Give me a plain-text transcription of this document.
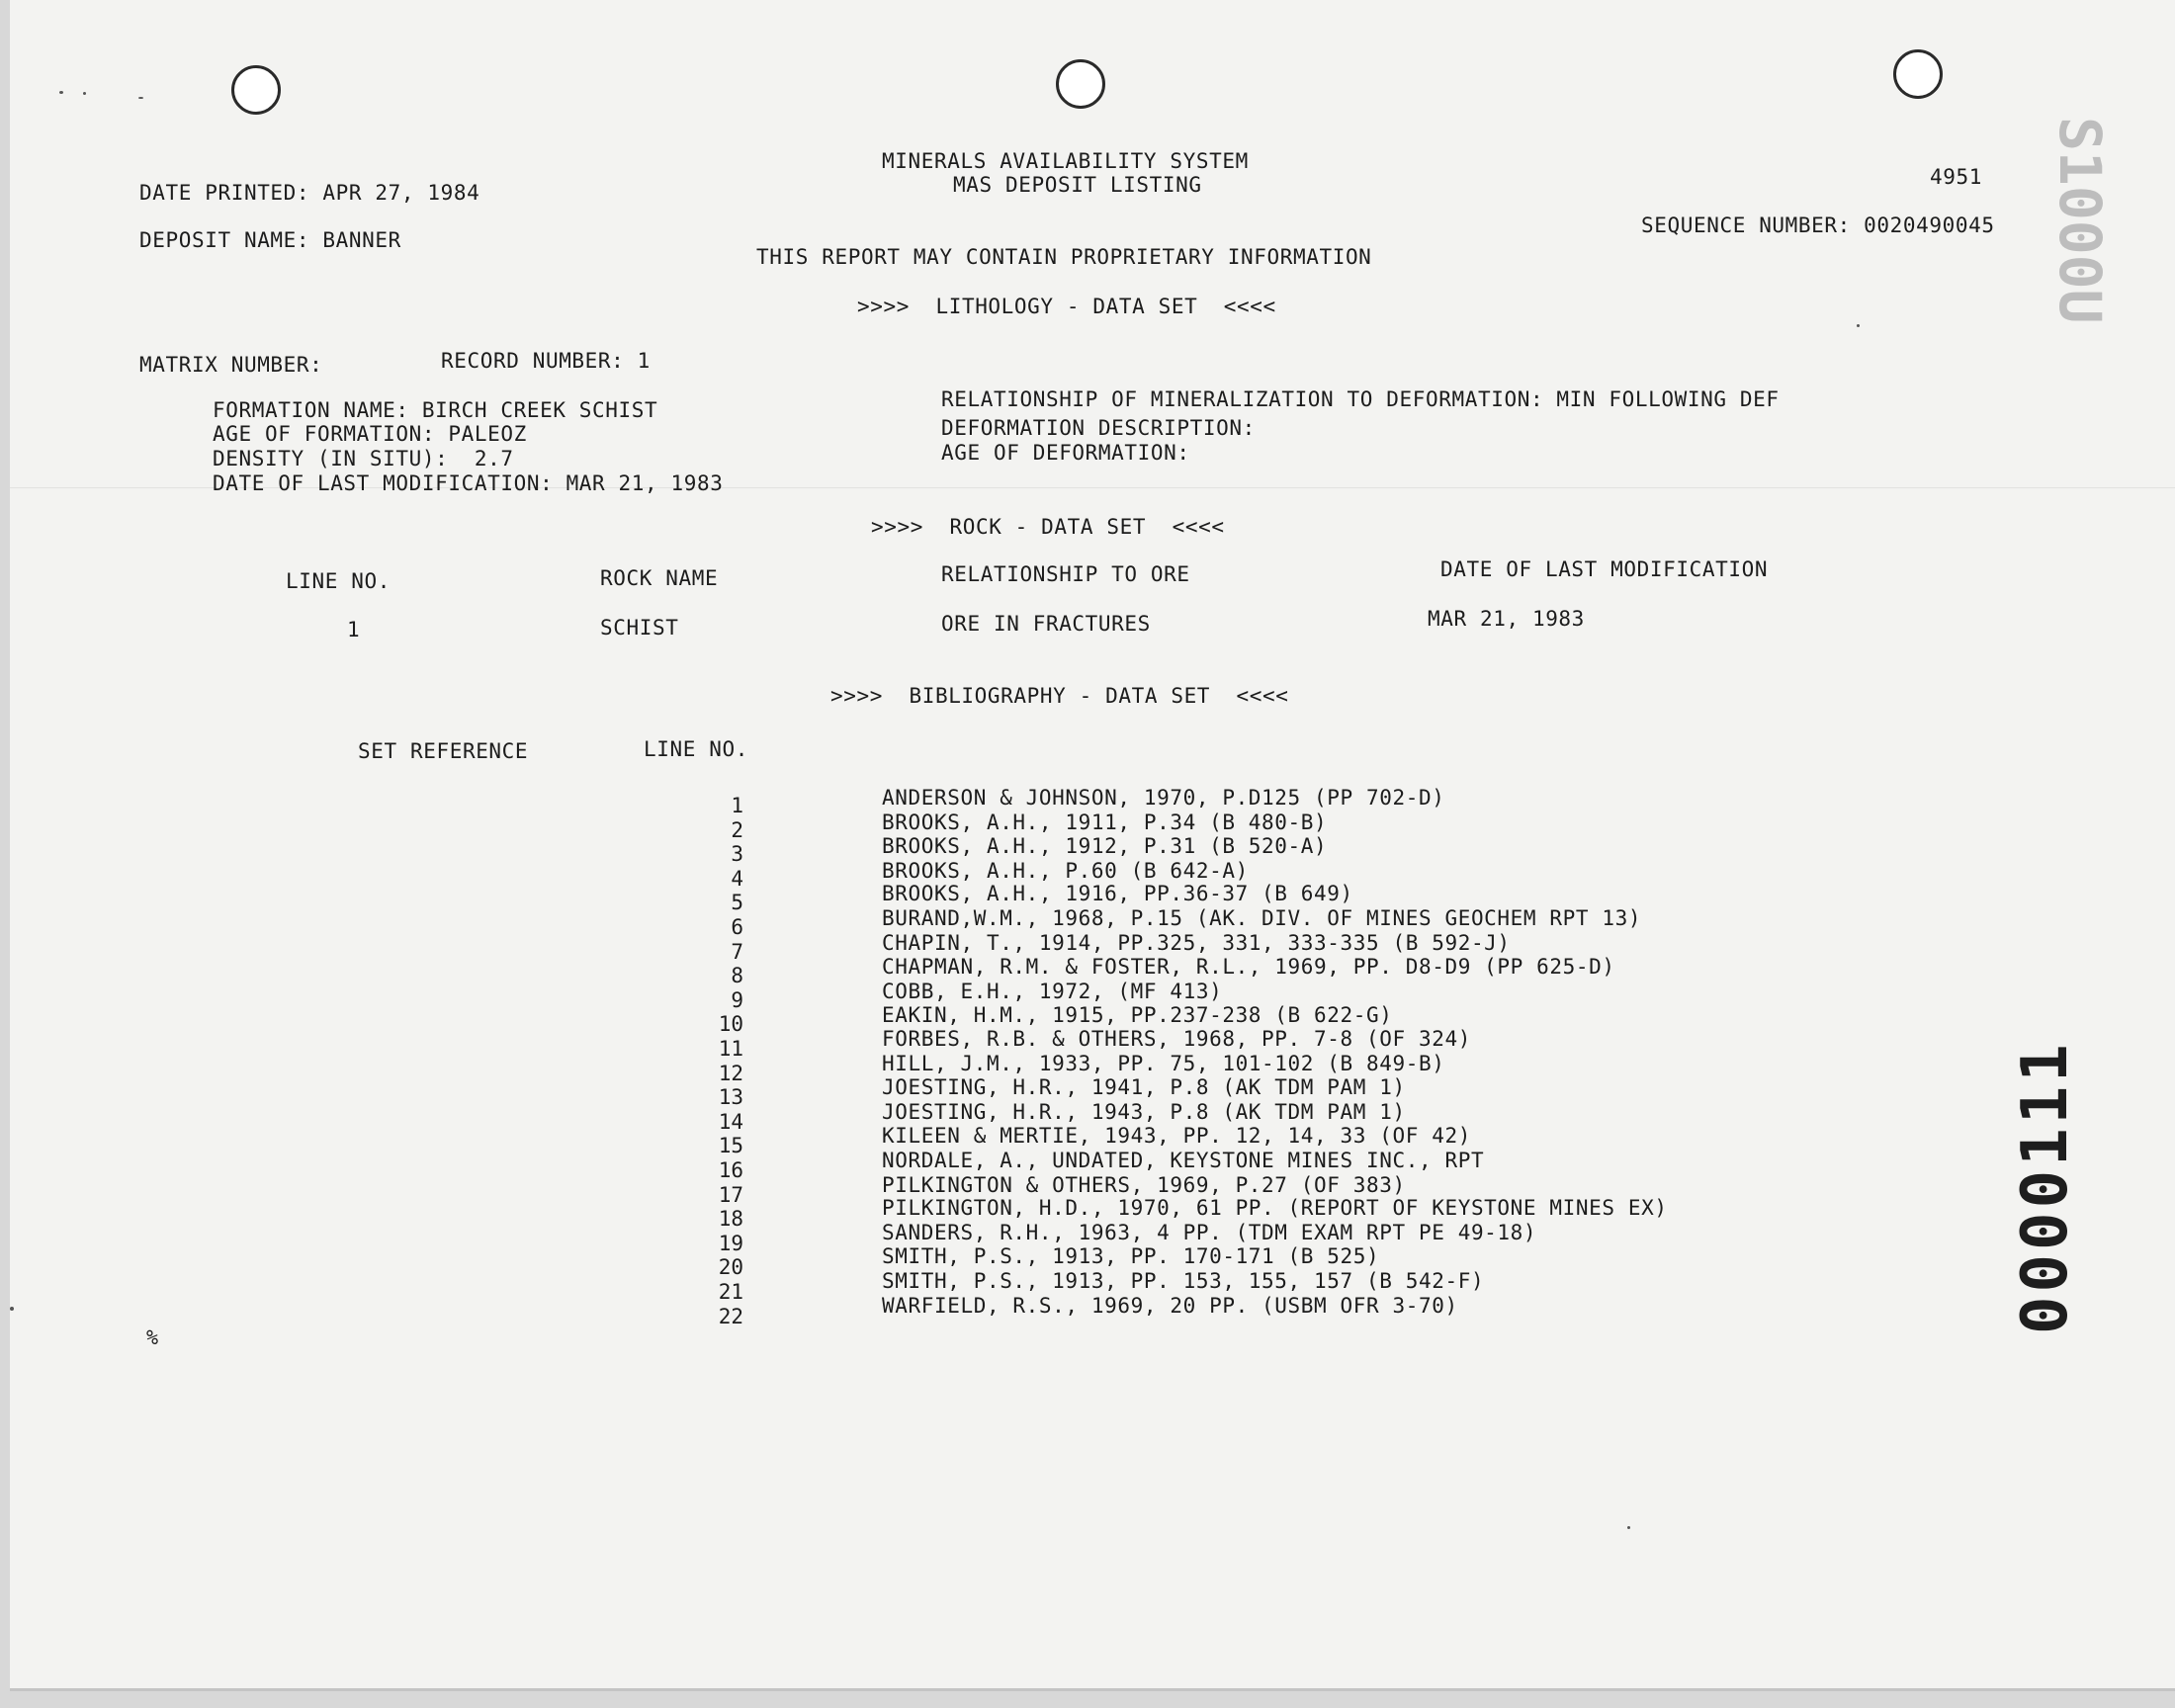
MINERALS AVAILABILITY SYSTEM
MAS DEPOSIT LISTING	4951
DATE PRINTED: APR 27, 1984
DEPOSIT NAME: BANNER
SEQUENCE NUMBER: 0020490045
THIS REPORT MAY CONTAIN PROPRIETARY INFORMATION
>>>>  LITHOLOGY - DATA SET  <<<<
MATRIX NUMBER:	RECORD NUMBER: 1
FORMATION NAME: BIRCH CREEK SCHIST
AGE OF FORMATION: PALEOZ
DENSITY (IN SITU):  2.7
DATE OF LAST MODIFICATION: MAR 21, 1983
RELATIONSHIP OF MINERALIZATION TO DEFORMATION: MIN FOLLOWING DEF
DEFORMATION DESCRIPTION:
AGE OF DEFORMATION:
>>>>  ROCK - DATA SET  <<<<
LINE NO.	ROCK NAME	RELATIONSHIP TO ORE	DATE OF LAST MODIFICATION
1	SCHIST	ORE IN FRACTURES	MAR 21, 1983
>>>>  BIBLIOGRAPHY - DATA SET  <<<<
SET REFERENCE	LINE NO.
1	ANDERSON & JOHNSON, 1970, P.D125 (PP 702-D)
2	BROOKS, A.H., 1911, P.34 (B 480-B)
3	BROOKS, A.H., 1912, P.31 (B 520-A)
4	BROOKS, A.H., P.60 (B 642-A)
5	BROOKS, A.H., 1916, PP.36-37 (B 649)
6	BURAND,W.M., 1968, P.15 (AK. DIV. OF MINES GEOCHEM RPT 13)
7	CHAPIN, T., 1914, PP.325, 331, 333-335 (B 592-J)
8	CHAPMAN, R.M. & FOSTER, R.L., 1969, PP. D8-D9 (PP 625-D)
9	COBB, E.H., 1972, (MF 413)
10	EAKIN, H.M., 1915, PP.237-238 (B 622-G)
11	FORBES, R.B. & OTHERS, 1968, PP. 7-8 (OF 324)
12	HILL, J.M., 1933, PP. 75, 101-102 (B 849-B)
13	JOESTING, H.R., 1941, P.8 (AK TDM PAM 1)
14	JOESTING, H.R., 1943, P.8 (AK TDM PAM 1)
15	KILEEN & MERTIE, 1943, PP. 12, 14, 33 (OF 42)
16	NORDALE, A., UNDATED, KEYSTONE MINES INC., RPT
17	PILKINGTON & OTHERS, 1969, P.27 (OF 383)
18	PILKINGTON, H.D., 1970, 61 PP. (REPORT OF KEYSTONE MINES EX)
19	SANDERS, R.H., 1963, 4 PP. (TDM EXAM RPT PE 49-18)
20	SMITH, P.S., 1913, PP. 170-171 (B 525)
21	SMITH, P.S., 1913, PP. 153, 155, 157 (B 542-F)
22	WARFIELD, R.S., 1969, 20 PP. (USBM OFR 3-70)
%
S1000U
0000111
